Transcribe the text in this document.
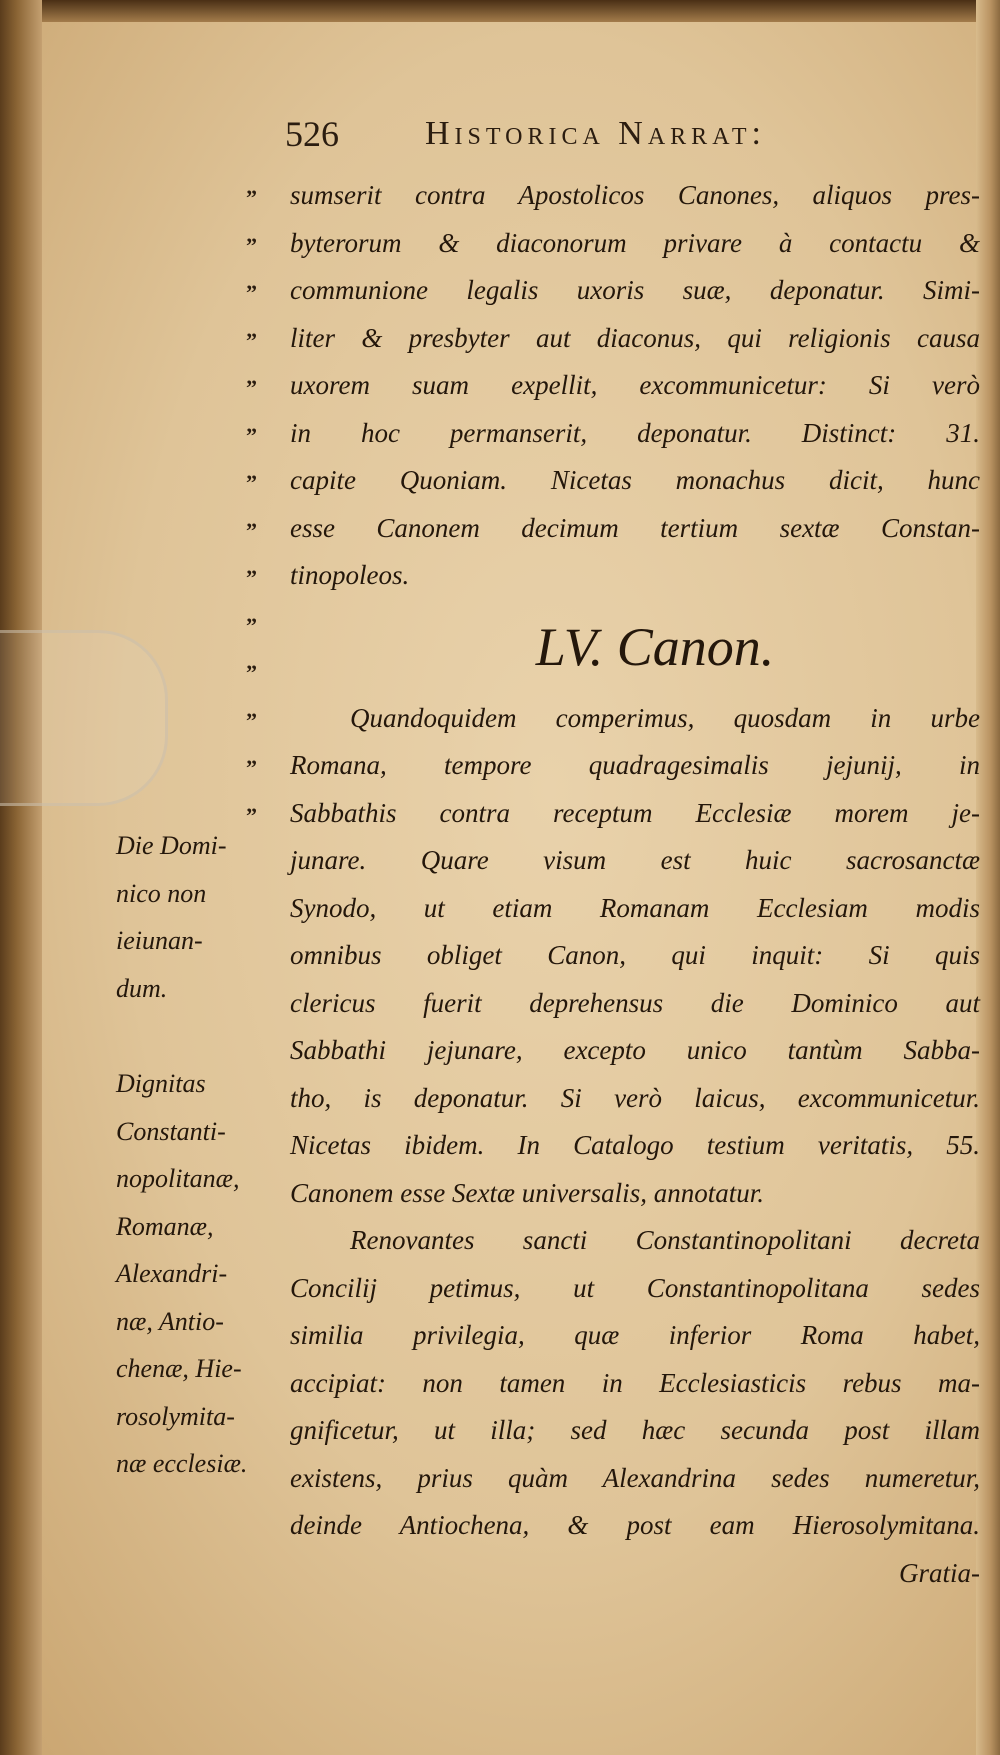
526	Historica Narrat:
”
”
”
”
”
”
”
”
”
”
”
”
”
”
sumserit contra Apostolicos Canones, aliquos pres-
byterorum & diaconorum privare à contactu &
communione legalis uxoris suæ, deponatur. Simi-
liter & presbyter aut diaconus, qui religionis causa
uxorem suam expellit, excommunicetur: Si verò
in hoc permanserit, deponatur. Distinct: 31.
capite Quoniam. Nicetas monachus dicit, hunc
esse Canonem decimum tertium sextæ Constan-
tinopoleos.
LV. Canon.
Quandoquidem comperimus, quosdam in urbe
Romana, tempore quadragesimalis jejunij, in
Sabbathis contra receptum Ecclesiæ morem je-
junare. Quare visum est huic sacrosanctæ
Synodo, ut etiam Romanam Ecclesiam modis
omnibus obliget Canon, qui inquit: Si quis
clericus fuerit deprehensus die Dominico aut
Sabbathi jejunare, excepto unico tantùm Sabba-
tho, is deponatur. Si verò laicus, excommunicetur.
Nicetas ibidem. In Catalogo testium veritatis, 55.
Canonem esse Sextæ universalis, annotatur.
Renovantes sancti Constantinopolitani decreta
Concilij petimus, ut Constantinopolitana sedes
similia privilegia, quæ inferior Roma habet,
accipiat: non tamen in Ecclesiasticis rebus ma-
gnificetur, ut illa; sed hæc secunda post illam
existens, prius quàm Alexandrina sedes numeretur,
deinde Antiochena, & post eam Hierosolymitana.
Gratia-
Die Domi-
nico non
ieiunan-
dum.
Dignitas
Constanti-
nopolitanæ,
Romanæ,
Alexandri-
næ, Antio-
chenæ, Hie-
rosolymita-
næ ecclesiæ.
